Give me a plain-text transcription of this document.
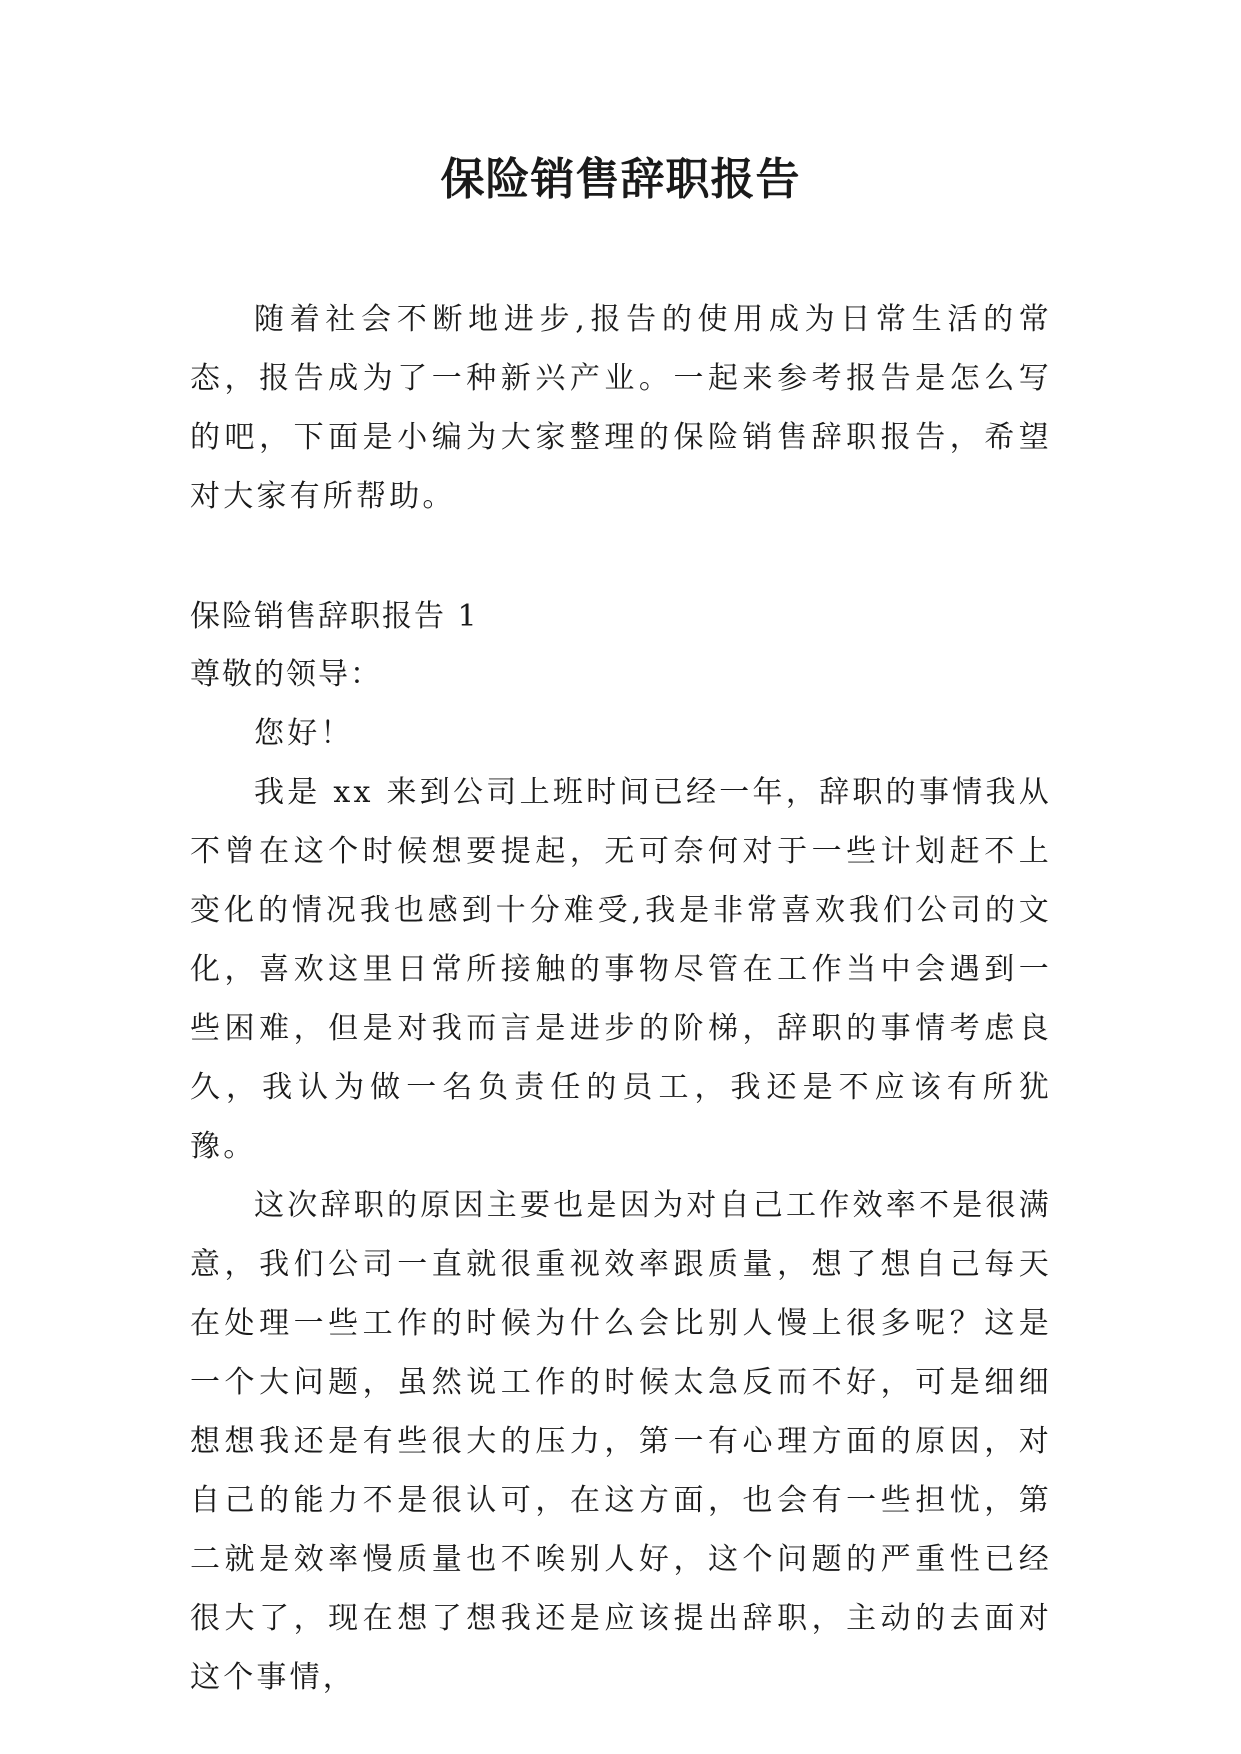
保险销售辞职报告

随着社会不断地进步,报告的使用成为日常生活的常态，报告成为了一种新兴产业。一起来参考报告是怎么写的吧，下面是小编为大家整理的保险销售辞职报告，希望对大家有所帮助。

保险销售辞职报告 1

尊敬的领导：

您好！

我是 xx 来到公司上班时间已经一年，辞职的事情我从不曾在这个时候想要提起，无可奈何对于一些计划赶不上变化的情况我也感到十分难受,我是非常喜欢我们公司的文化，喜欢这里日常所接触的事物尽管在工作当中会遇到一些困难，但是对我而言是进步的阶梯，辞职的事情考虑良久，我认为做一名负责任的员工，我还是不应该有所犹豫。

这次辞职的原因主要也是因为对自己工作效率不是很满意，我们公司一直就很重视效率跟质量，想了想自己每天在处理一些工作的时候为什么会比别人慢上很多呢？这是一个大问题，虽然说工作的时候太急反而不好，可是细细想想我还是有些很大的压力，第一有心理方面的原因，对自己的能力不是很认可，在这方面，也会有一些担忧，第二就是效率慢质量也不唉别人好，这个问题的严重性已经很大了，现在想了想我还是应该提出辞职，主动的去面对这个事情，
